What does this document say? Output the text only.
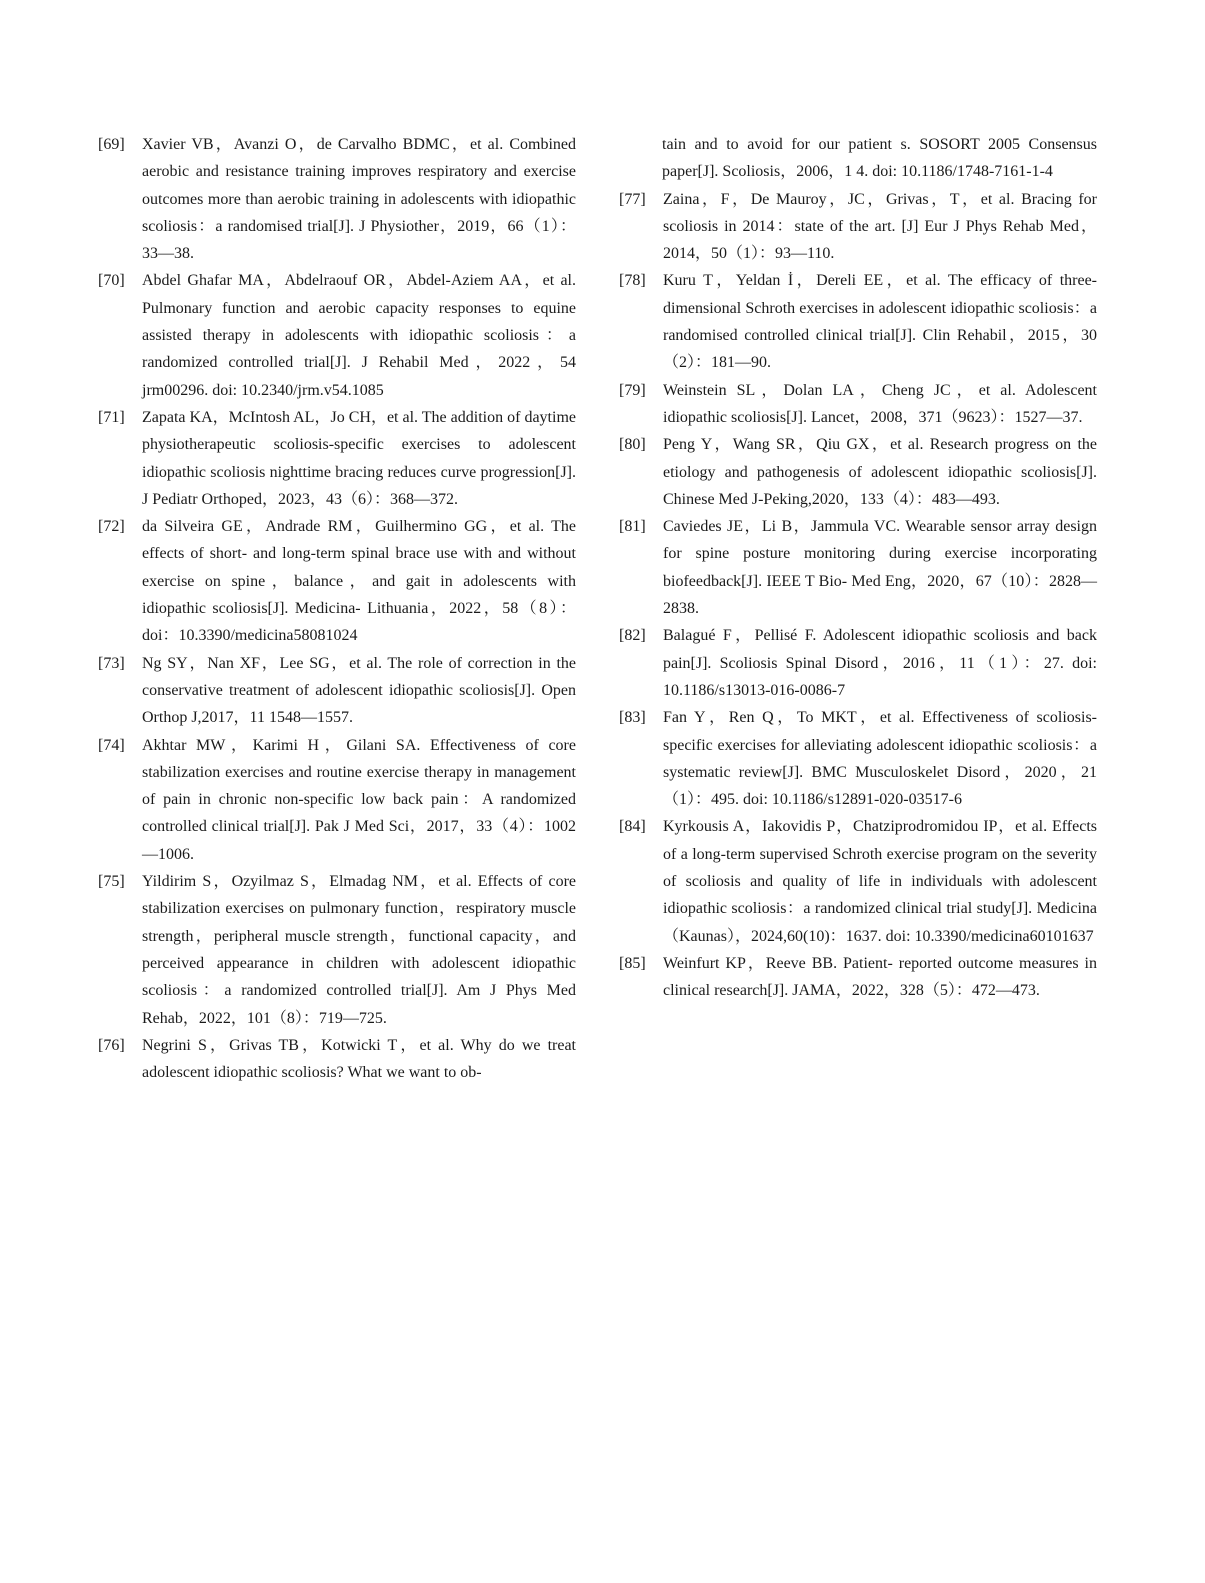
[69] Xavier VB，Avanzi O，de Carvalho BDMC，et al. Combined aerobic and resistance training improves respiratory and exercise outcomes more than aerobic training in adolescents with idiopathic scoliosis：a randomised trial[J]. J Physiother，2019，66（1）：33—38.

[70] Abdel Ghafar MA，Abdelraouf OR，Abdel-Aziem AA，et al. Pulmonary function and aerobic capacity responses to equine assisted therapy in adolescents with idiopathic scoliosis：a randomized controlled trial[J]. J Rehabil Med，2022，54 jrm00296. doi: 10.2340/jrm.v54.1085

[71] Zapata KA，McIntosh AL，Jo CH，et al. The addition of daytime physiotherapeutic scoliosis-specific exercises to adolescent idiopathic scoliosis nighttime bracing reduces curve progression[J]. J Pediatr Orthoped，2023，43（6）：368—372.

[72] da Silveira GE，Andrade RM，Guilhermino GG，et al. The effects of short- and long-term spinal brace use with and without exercise on spine，balance，and gait in adolescents with idiopathic scoliosis[J]. Medicina- Lithuania，2022，58（8）：doi：10.3390/medicina58081024

[73] Ng SY，Nan XF，Lee SG，et al. The role of correction in the conservative treatment of adolescent idiopathic scoliosis[J]. Open Orthop J,2017，11 1548—1557.

[74] Akhtar MW，Karimi H，Gilani SA. Effectiveness of core stabilization exercises and routine exercise therapy in management of pain in chronic non-specific low back pain：A randomized controlled clinical trial[J]. Pak J Med Sci，2017，33（4）：1002—1006.

[75] Yildirim S，Ozyilmaz S，Elmadag NM，et al. Effects of core stabilization exercises on pulmonary function，respiratory muscle strength，peripheral muscle strength，functional capacity，and perceived appearance in children with adolescent idiopathic scoliosis：a randomized controlled trial[J]. Am J Phys Med Rehab，2022，101（8）：719—725.

[76] Negrini S，Grivas TB，Kotwicki T，et al. Why do we treat adolescent idiopathic scoliosis? What we want to ob-

tain and to avoid for our patient s. SOSORT 2005 Consensus paper[J]. Scoliosis，2006，1 4. doi: 10.1186/1748-7161-1-4

[77] Zaina，F，De Mauroy，JC，Grivas，T，et al. Bracing for scoliosis in 2014：state of the art. [J] Eur J Phys Rehab Med，2014，50（1）：93—110.

[78] Kuru T，Yeldan İ，Dereli EE，et al. The efficacy of three-dimensional Schroth exercises in adolescent idiopathic scoliosis：a randomised controlled clinical trial[J]. Clin Rehabil，2015，30（2）：181—90.

[79] Weinstein SL，Dolan LA，Cheng JC，et al. Adolescent idiopathic scoliosis[J]. Lancet，2008，371（9623）：1527—37.

[80] Peng Y，Wang SR，Qiu GX，et al. Research progress on the etiology and pathogenesis of adolescent idiopathic scoliosis[J]. Chinese Med J-Peking,2020，133（4）：483—493.

[81] Caviedes JE，Li B，Jammula VC. Wearable sensor array design for spine posture monitoring during exercise incorporating biofeedback[J]. IEEE T Bio- Med Eng，2020，67（10）：2828—2838.

[82] Balagué F，Pellisé F. Adolescent idiopathic scoliosis and back pain[J]. Scoliosis Spinal Disord，2016，11（1）：27. doi: 10.1186/s13013-016-0086-7

[83] Fan Y，Ren Q，To MKT，et al. Effectiveness of scoliosis-specific exercises for alleviating adolescent idiopathic scoliosis：a systematic review[J]. BMC Musculoskelet Disord，2020，21（1）：495. doi: 10.1186/s12891-020-03517-6

[84] Kyrkousis A，Iakovidis P，Chatziprodromidou IP，et al. Effects of a long-term supervised Schroth exercise program on the severity of scoliosis and quality of life in individuals with adolescent idiopathic scoliosis：a randomized clinical trial study[J]. Medicina（Kaunas），2024,60(10)：1637. doi: 10.3390/medicina60101637

[85] Weinfurt KP，Reeve BB. Patient- reported outcome measures in clinical research[J]. JAMA，2022，328（5）：472—473.
